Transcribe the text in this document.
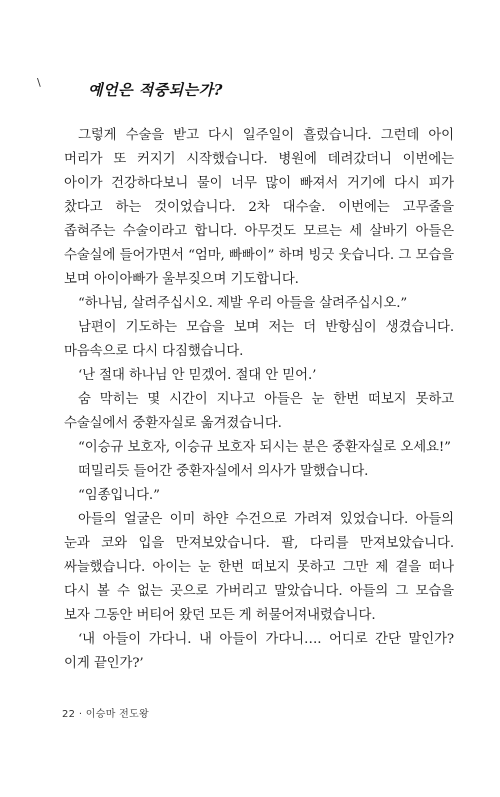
\	예언은 적중되는가?

그렇게 수술을 받고 다시 일주일이 흘렀습니다. 그런데 아이 머리가 또 커지기 시작했습니다. 병원에 데려갔더니 이번에는 아이가 건강하다보니 물이 너무 많이 빠져서 거기에 다시 피가 찼다고 하는 것이었습니다. 2차 대수술. 이번에는 고무줄을 좁혀주는 수술이라고 합니다. 아무것도 모르는 세 살바기 아들은 수술실에 들어가면서 “엄마, 빠빠이” 하며 빙긋 웃습니다. 그 모습을 보며 아이아빠가 울부짖으며 기도합니다.

“하나님, 살려주십시오. 제발 우리 아들을 살려주십시오.”

남편이 기도하는 모습을 보며 저는 더 반항심이 생겼습니다. 마음속으로 다시 다짐했습니다.

‘난 절대 하나님 안 믿겠어. 절대 안 믿어.’

숨 막히는 몇 시간이 지나고 아들은 눈 한번 떠보지 못하고 수술실에서 중환자실로 옮겨졌습니다.

“이승규 보호자, 이승규 보호자 되시는 분은 중환자실로 오세요!”

떠밀리듯 들어간 중환자실에서 의사가 말했습니다.

“임종입니다.”

아들의 얼굴은 이미 하얀 수건으로 가려져 있었습니다. 아들의 눈과 코와 입을 만져보았습니다. 팔, 다리를 만져보았습니다. 싸늘했습니다. 아이는 눈 한번 떠보지 못하고 그만 제 곁을 떠나 다시 볼 수 없는 곳으로 가버리고 말았습니다. 아들의 그 모습을 보자 그동안 버티어 왔던 모든 게 허물어져내렸습니다.

‘내 아들이 가다니. 내 아들이 가다니…. 어디로 간단 말인가? 이게 끝인가?’

22 · 이승마 전도왕
